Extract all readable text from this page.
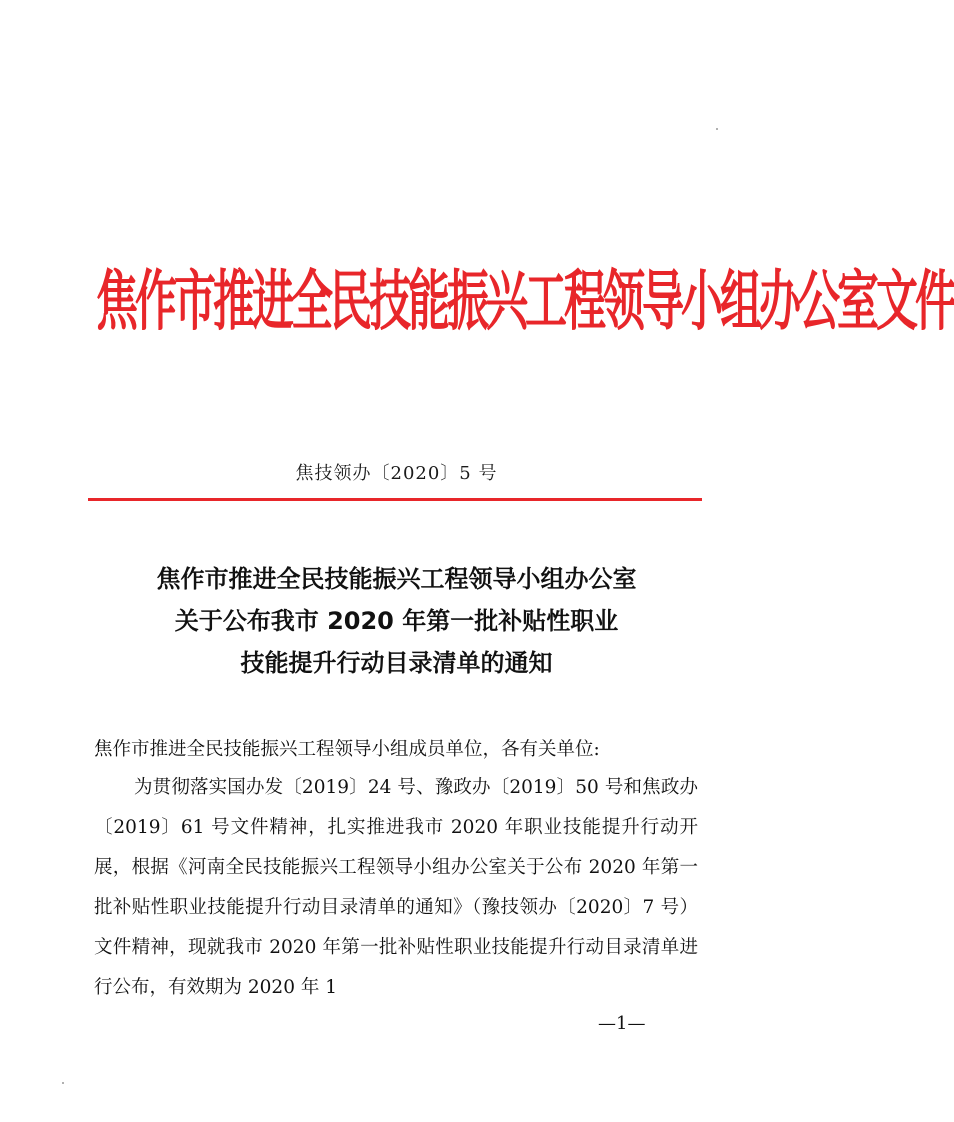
焦作市推进全民技能振兴工程领导小组办公室文件
焦技领办〔2020〕5 号
焦作市推进全民技能振兴工程领导小组办公室
关于公布我市 2020 年第一批补贴性职业
技能提升行动目录清单的通知
焦作市推进全民技能振兴工程领导小组成员单位，各有关单位:
为贯彻落实国办发〔2019〕24 号、豫政办〔2019〕50 号和焦政办〔2019〕61 号文件精神，扎实推进我市 2020 年职业技能提升行动开展，根据《河南全民技能振兴工程领导小组办公室关于公布 2020 年第一批补贴性职业技能提升行动目录清单的通知》（豫技领办〔2020〕7 号）文件精神，现就我市 2020 年第一批补贴性职业技能提升行动目录清单进行公布，有效期为 2020 年 1
—1—
